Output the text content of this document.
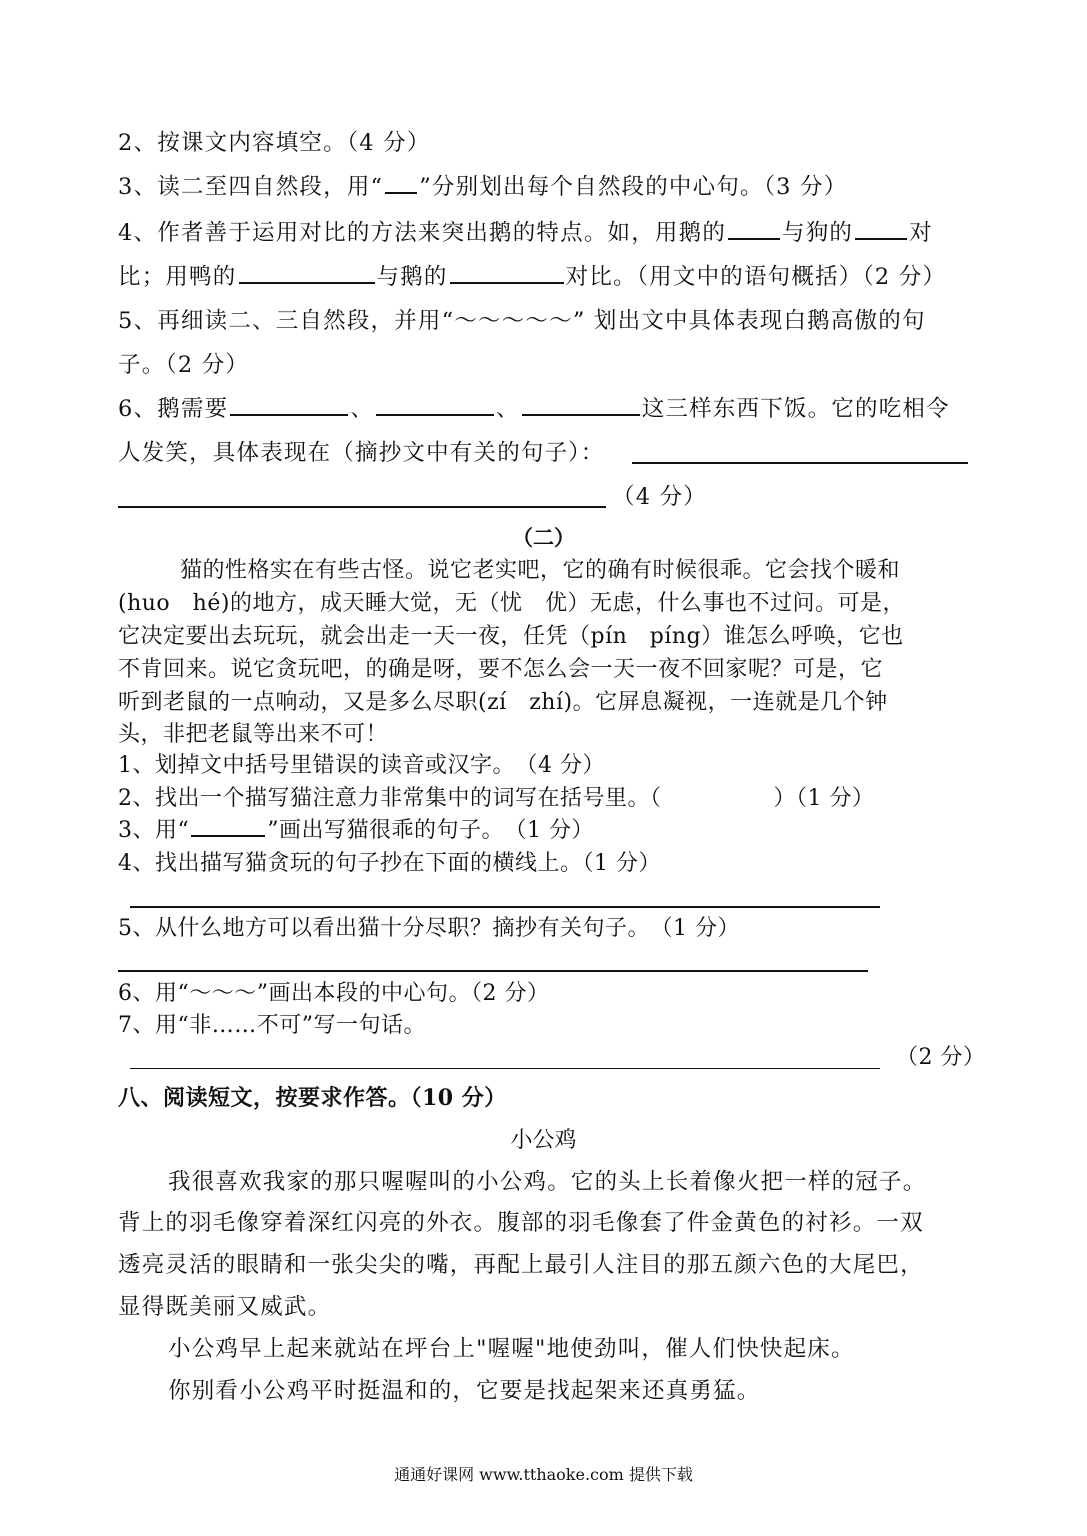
2、按课文内容填空。（4 分）
3、读二至四自然段，用“ ”分别划出每个自然段的中心句。（3 分）
4、作者善于运用对比的方法来突出鹅的特点。如，用鹅的 与狗的 对
比；用鸭的	与鹅的	对比。（用文中的语句概括）（2 分）
5、再细读二、三自然段，并用“～～～～～” 划出文中具体表现白鹅高傲的句
子。（2 分）
6、鹅需要	、	、	这三样东西下饭。它的吃相令
人发笑，具体表现在（摘抄文中有关的句子）：
（4 分）
（二）
猫的性格实在有些古怪。说它老实吧，它的确有时候很乖。它会找个暖和
(huo　hé)的地方，成天睡大觉，无（忧　优）无虑，什么事也不过问。可是，
它决定要出去玩玩，就会出走一天一夜，任凭（pín　píng）谁怎么呼唤，它也
不肯回来。说它贪玩吧，的确是呀，要不怎么会一天一夜不回家呢？可是，它
听到老鼠的一点响动，又是多么尽职(zí　zhí)。它屏息凝视，一连就是几个钟
头，非把老鼠等出来不可！
1、划掉文中括号里错误的读音或汉字。　（4 分）
2、找出一个描写猫注意力非常集中的词写在括号里。（	）（1 分）
3、用“	”画出写猫很乖的句子。　（1 分）
4、找出描写猫贪玩的句子抄在下面的横线上。（1 分）
5、从什么地方可以看出猫十分尽职？摘抄有关句子。　（1 分）
6、用“～～～”画出本段的中心句。（2 分）
7、用“非……不可”写一句话。
（2 分）
八、阅读短文，按要求作答。（10 分）
小公鸡
我很喜欢我家的那只喔喔叫的小公鸡。它的头上长着像火把一样的冠子。
背上的羽毛像穿着深红闪亮的外衣。腹部的羽毛像套了件金黄色的衬衫。一双
透亮灵活的眼睛和一张尖尖的嘴，再配上最引人注目的那五颜六色的大尾巴，
显得既美丽又威武。
小公鸡早上起来就站在坪台上"喔喔"地使劲叫，催人们快快起床。
你别看小公鸡平时挺温和的，它要是找起架来还真勇猛。
通通好课网 www.tthaoke.com 提供下载
